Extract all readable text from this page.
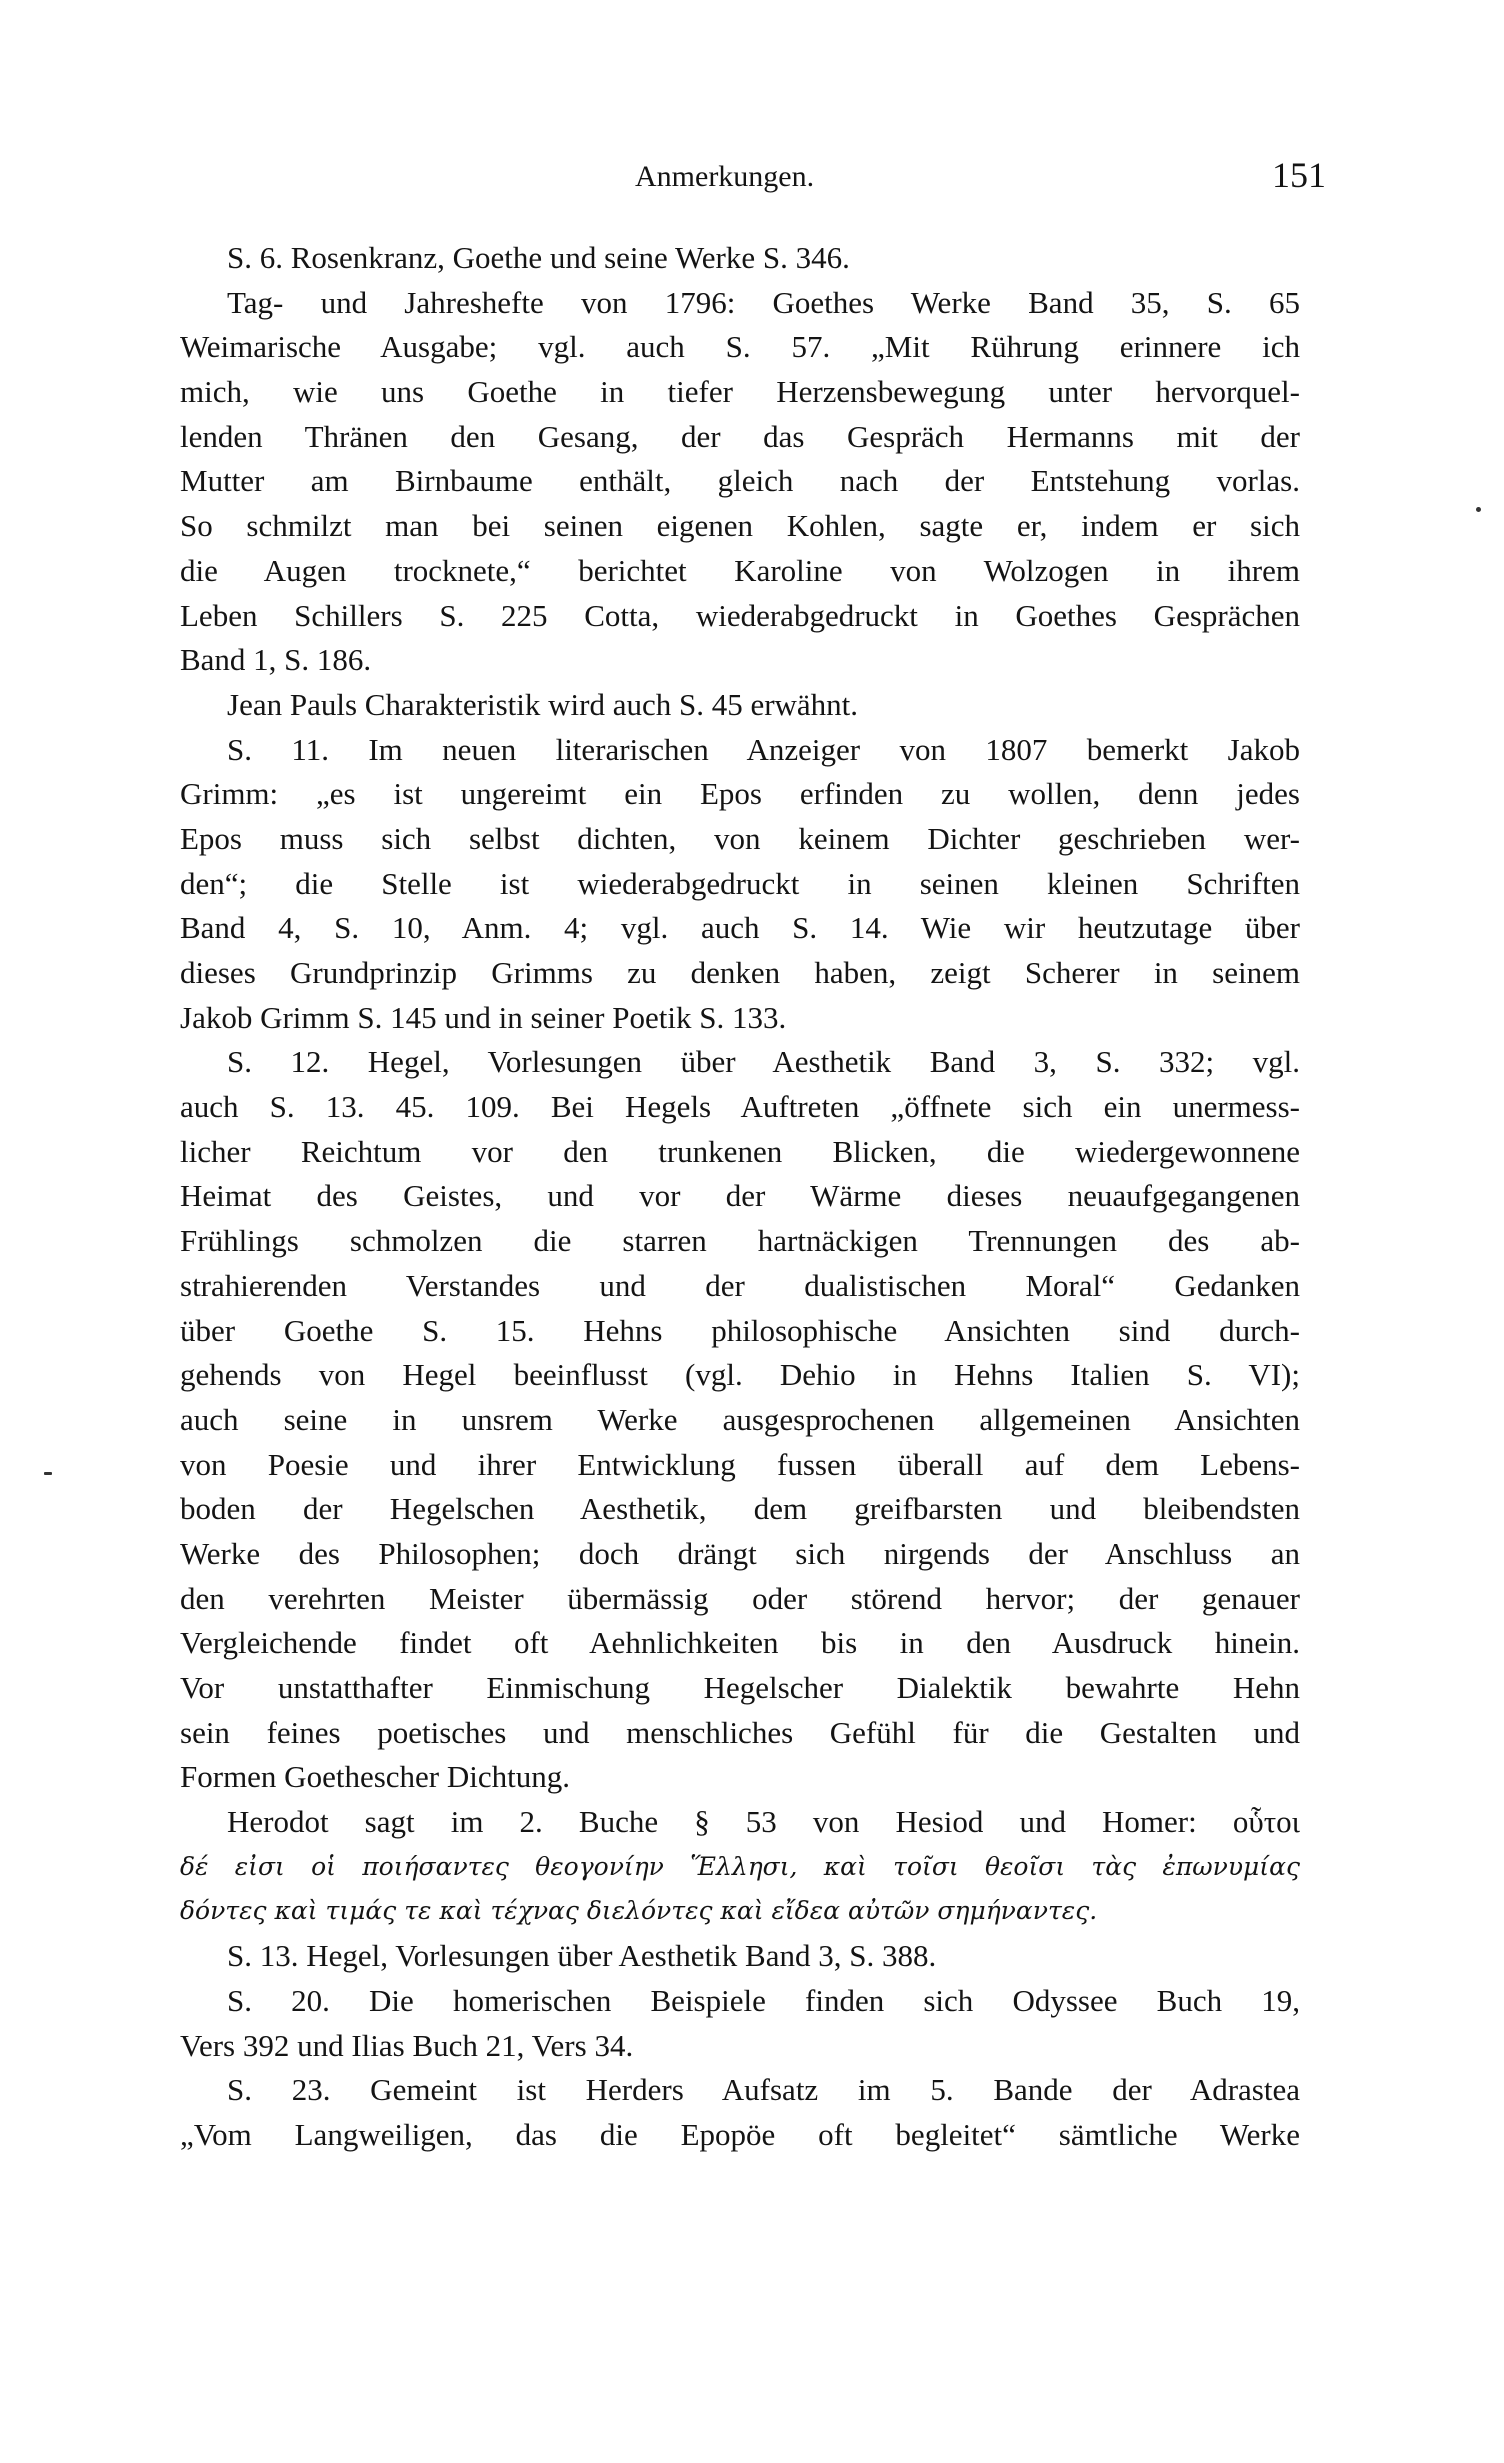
Anmerkungen.	151
S. 6. Rosenkranz, Goethe und seine Werke S. 346.
Tag- und Jahreshefte von 1796: Goethes Werke Band 35, S. 65
Weimarische Ausgabe; vgl. auch S. 57. „Mit Rührung erinnere ich
mich, wie uns Goethe in tiefer Herzensbewegung unter hervorquel-
lenden Thränen den Gesang, der das Gespräch Hermanns mit der
Mutter am Birnbaume enthält, gleich nach der Entstehung vorlas.
So schmilzt man bei seinen eigenen Kohlen, sagte er, indem er sich
die Augen trocknete,“ berichtet Karoline von Wolzogen in ihrem
Leben Schillers S. 225 Cotta, wiederabgedruckt in Goethes Gesprächen
Band 1, S. 186.
Jean Pauls Charakteristik wird auch S. 45 erwähnt.
S. 11. Im neuen literarischen Anzeiger von 1807 bemerkt Jakob
Grimm: „es ist ungereimt ein Epos erfinden zu wollen, denn jedes
Epos muss sich selbst dichten, von keinem Dichter geschrieben wer-
den“; die Stelle ist wiederabgedruckt in seinen kleinen Schriften
Band 4, S. 10, Anm. 4; vgl. auch S. 14. Wie wir heutzutage über
dieses Grundprinzip Grimms zu denken haben, zeigt Scherer in seinem
Jakob Grimm S. 145 und in seiner Poetik S. 133.
S. 12. Hegel, Vorlesungen über Aesthetik Band 3, S. 332; vgl.
auch S. 13. 45. 109. Bei Hegels Auftreten „öffnete sich ein unermess-
licher Reichtum vor den trunkenen Blicken, die wiedergewonnene
Heimat des Geistes, und vor der Wärme dieses neuaufgegangenen
Frühlings schmolzen die starren hartnäckigen Trennungen des ab-
strahierenden Verstandes und der dualistischen Moral“ Gedanken
über Goethe S. 15. Hehns philosophische Ansichten sind durch-
gehends von Hegel beeinflusst (vgl. Dehio in Hehns Italien S. VI);
auch seine in unsrem Werke ausgesprochenen allgemeinen Ansichten
von Poesie und ihrer Entwicklung fussen überall auf dem Lebens-
boden der Hegelschen Aesthetik, dem greifbarsten und bleibendsten
Werke des Philosophen; doch drängt sich nirgends der Anschluss an
den verehrten Meister übermässig oder störend hervor; der genauer
Vergleichende findet oft Aehnlichkeiten bis in den Ausdruck hinein.
Vor unstatthafter Einmischung Hegelscher Dialektik bewahrte Hehn
sein feines poetisches und menschliches Gefühl für die Gestalten und
Formen Goethescher Dichtung.
Herodot sagt im 2. Buche § 53 von Hesiod und Homer: οὗτοι
δέ εἰσι οἱ ποιήσαντες θεογονίην Ἕλλησι, καὶ τοῖσι θεοῖσι τὰς ἐπωνυμίας
δόντες καὶ τιμάς τε καὶ τέχνας διελόντες καὶ εἴδεα αὐτῶν σημήναντες.
S. 13. Hegel, Vorlesungen über Aesthetik Band 3, S. 388.
S. 20. Die homerischen Beispiele finden sich Odyssee Buch 19,
Vers 392 und Ilias Buch 21, Vers 34.
S. 23. Gemeint ist Herders Aufsatz im 5. Bande der Adrastea
„Vom Langweiligen, das die Epopöe oft begleitet“ sämtliche Werke
